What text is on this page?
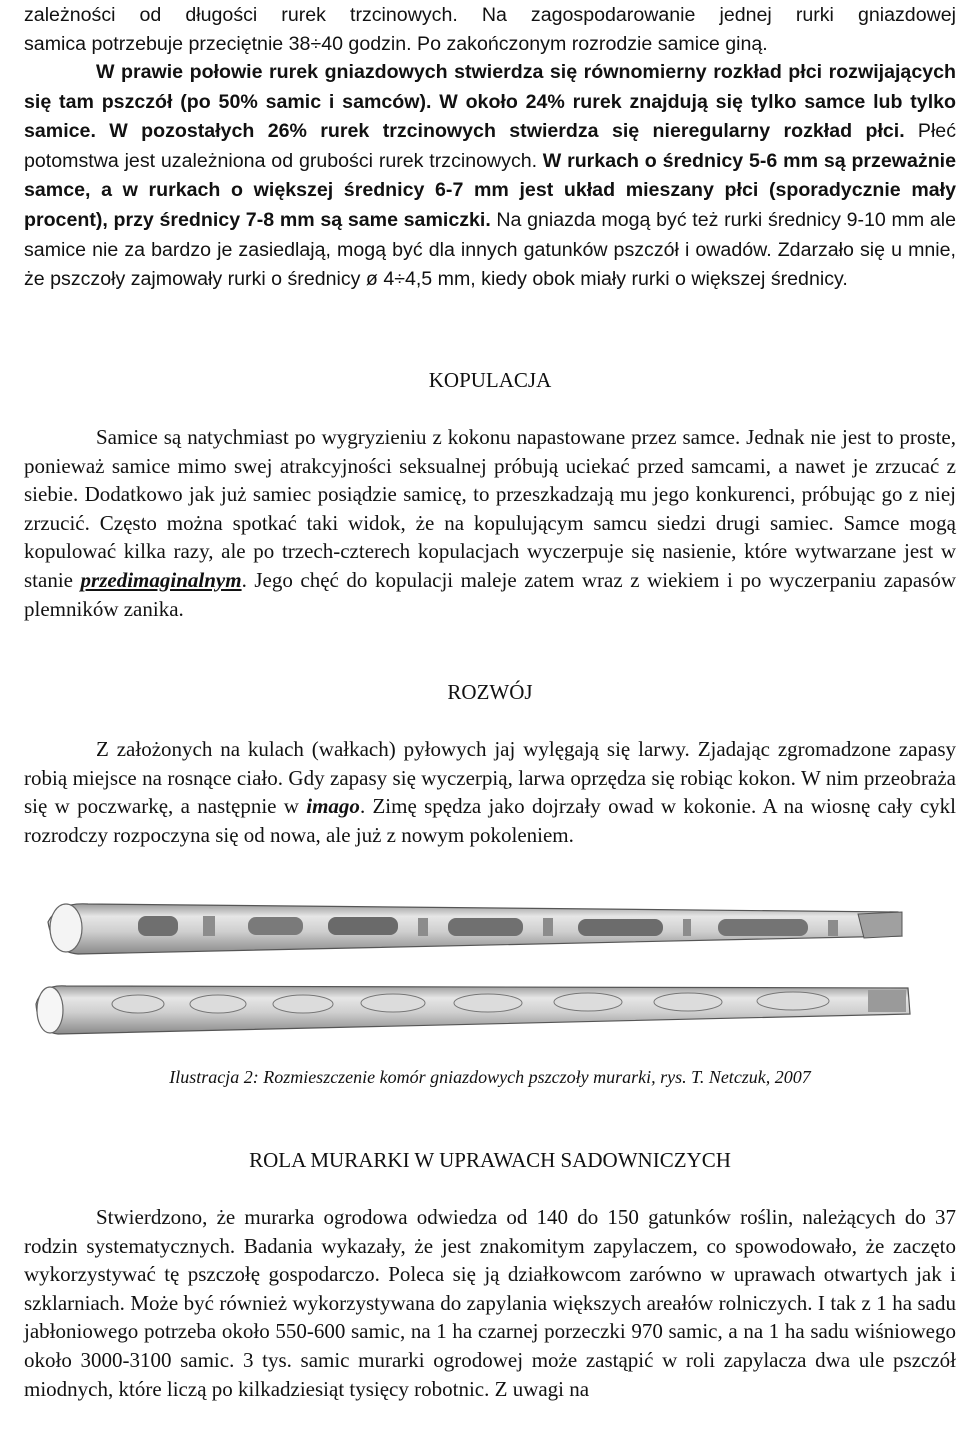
zależności od długości rurek trzcinowych. Na zagospodarowanie jednej rurki gniazdowej

samica potrzebuje przeciętnie 38÷40 godzin. Po zakończonym rozrodzie samice giną.

W prawie połowie rurek gniazdowych stwierdza się równomierny rozkład płci rozwijających się tam pszczół (po 50% samic i samców). W około 24% rurek znajdują się tylko samce lub tylko samice. W pozostałych 26% rurek trzcinowych stwierdza się nieregularny rozkład płci. Płeć potomstwa jest uzależniona od grubości rurek trzcinowych. W rurkach o średnicy 5-6 mm są przeważnie samce, a w rurkach o większej średnicy 6-7 mm jest układ mieszany płci (sporadycznie mały procent), przy średnicy 7-8 mm są same samiczki. Na gniazda mogą być też rurki średnicy 9-10 mm ale samice nie za bardzo je zasiedlają, mogą być dla innych gatunków pszczół i owadów. Zdarzało się u mnie, że pszczoły zajmowały rurki o średnicy ø 4÷4,5 mm, kiedy obok miały rurki o większej średnicy.

KOPULACJA

Samice są natychmiast po wygryzieniu z kokonu napastowane przez samce. Jednak nie jest to proste, ponieważ samice mimo swej atrakcyjności seksualnej próbują uciekać przed samcami, a nawet je zrzucać z siebie. Dodatkowo jak już samiec posiądzie samicę, to przeszkadzają mu jego konkurenci, próbując go z niej zrzucić. Często można spotkać taki widok, że na kopulującym samcu siedzi drugi samiec. Samce mogą kopulować kilka razy, ale po trzech-czterech kopulacjach wyczerpuje się nasienie, które wytwarzane jest w stanie przedimaginalnym. Jego chęć do kopulacji maleje zatem wraz z wiekiem i po wyczerpaniu zapasów plemników zanika.

ROZWÓJ

Z założonych na kulach (wałkach) pyłowych jaj wylęgają się larwy. Zjadając zgromadzone zapasy robią miejsce na rosnące ciało. Gdy zapasy się wyczerpią, larwa oprzędza się robiąc kokon. W nim przeobraża się w poczwarkę, a następnie w imago. Zimę spędza jako dojrzały owad w kokonie. A na wiosnę cały cykl rozrodczy rozpoczyna się od nowa, ale już z nowym pokoleniem.

Ilustracja 2: Rozmieszczenie komór gniazdowych pszczoły murarki, rys. T. Netczuk, 2007

ROLA MURARKI W UPRAWACH SADOWNICZYCH

Stwierdzono, że murarka ogrodowa odwiedza od 140 do 150 gatunków roślin, należących do 37 rodzin systematycznych. Badania wykazały, że jest znakomitym zapylaczem, co spowodowało, że zaczęto wykorzystywać tę pszczołę gospodarczo. Poleca się ją działkowcom zarówno w uprawach otwartych jak i szklarniach. Może być również wykorzystywana do zapylania większych areałów rolniczych. I tak z 1 ha sadu jabłoniowego potrzeba około 550-600 samic, na 1 ha czarnej porzeczki 970 samic, a na 1 ha sadu wiśniowego około 3000-3100 samic. 3 tys. samic murarki ogrodowej może zastąpić w roli zapylacza dwa ule pszczół miodnych, które liczą po kilkadziesiąt tysięcy robotnic. Z uwagi na
